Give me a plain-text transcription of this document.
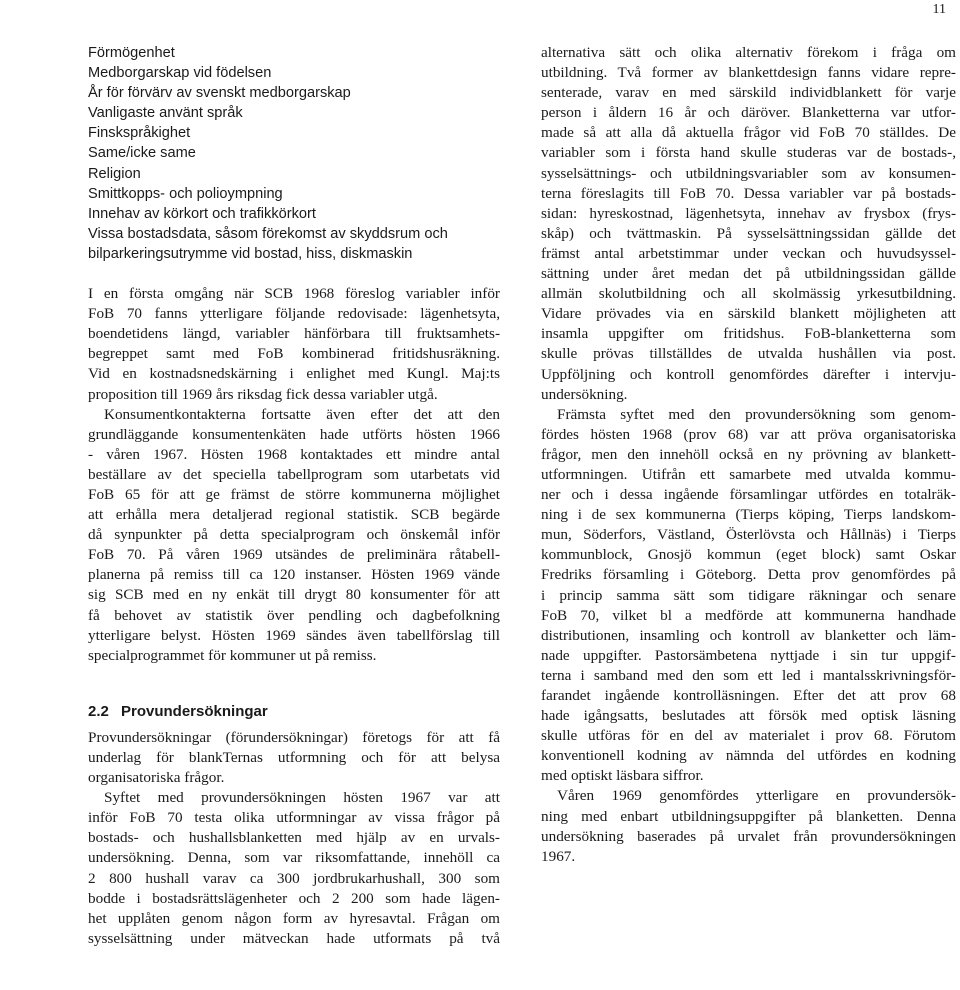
11
Förmögenhet
Medborgarskap vid födelsen
År för förvärv av svenskt medborgarskap
Vanligaste använt språk
Finskspråkighet
Same/icke same
Religion
Smittkopps- och polioympning
Innehav av körkort och trafikkörkort
Vissa bostadsdata, såsom förekomst av skyddsrum och
bilparkeringsutrymme vid bostad, hiss, diskmaskin
I en första omgång när SCB 1968 föreslog variabler inför
FoB 70 fanns ytterligare följande redovisade: lägenhetsyta,
boendetidens längd, variabler hänförbara till fruktsamhets-
begreppet samt med FoB kombinerad fritidshusräkning.
Vid en kostnadsnedskärning i enlighet med Kungl. Maj:ts
proposition till 1969 års riksdag fick dessa variabler utgå.
Konsumentkontakterna fortsatte även efter det att den
grundläggande konsumentenkäten hade utförts hösten 1966
- våren 1967. Hösten 1968 kontaktades ett mindre antal
beställare av det speciella tabellprogram som utarbetats vid
FoB 65 för att ge främst de större kommunerna möjlighet
att erhålla mera detaljerad regional statistik. SCB begärde
då synpunkter på detta specialprogram och önskemål inför
FoB 70. På våren 1969 utsändes de preliminära råtabell-
planerna på remiss till ca 120 instanser. Hösten 1969 vände
sig SCB med en ny enkät till drygt 80 konsumenter för att
få behovet av statistik över pendling och dagbefolkning
ytterligare belyst. Hösten 1969 sändes även tabellförslag till
specialprogrammet för kommuner ut på remiss.
2.2 Provundersökningar
Provundersökningar (förundersökningar) företogs för att få
underlag för blankTernas utformning och för att belysa
organisatoriska frågor.
Syftet med provundersökningen hösten 1967 var att
inför FoB 70 testa olika utformningar av vissa frågor på
bostads- och hushallsblanketten med hjälp av en urvals-
undersökning. Denna, som var riksomfattande, innehöll ca
2 800 hushall varav ca 300 jordbrukarhushall, 300 som
bodde i bostadsrättslägenheter och 2 200 som hade lägen-
het upplåten genom någon form av hyresavtal. Frågan om
sysselsättning under mätveckan hade utformats på två
alternativa sätt och olika alternativ förekom i fråga om
utbildning. Två former av blankettdesign fanns vidare repre-
senterade, varav en med särskild individblankett för varje
person i åldern 16 år och däröver. Blanketterna var utfor-
made så att alla då aktuella frågor vid FoB 70 ställdes. De
variabler som i första hand skulle studeras var de bostads-,
sysselsättnings- och utbildningsvariabler som av konsumen-
terna föreslagits till FoB 70. Dessa variabler var på bostads-
sidan: hyreskostnad, lägenhetsyta, innehav av frysbox (frys-
skåp) och tvättmaskin. På sysselsättningssidan gällde det
främst antal arbetstimmar under veckan och huvudsyssel-
sättning under året medan det på utbildningssidan gällde
allmän skolutbildning och all skolmässig yrkesutbildning.
Vidare prövades via en särskild blankett möjligheten att
insamla uppgifter om fritidshus. FoB-blanketterna som
skulle prövas tillställdes de utvalda hushållen via post.
Uppföljning och kontroll genomfördes därefter i intervju-
undersökning.
Främsta syftet med den provundersökning som genom-
fördes hösten 1968 (prov 68) var att pröva organisatoriska
frågor, men den innehöll också en ny prövning av blankett-
utformningen. Utifrån ett samarbete med utvalda kommu-
ner och i dessa ingående församlingar utfördes en totalräk-
ning i de sex kommunerna (Tierps köping, Tierps landskom-
mun, Söderfors, Västland, Österlövsta och Hållnäs) i Tierps
kommunblock, Gnosjö kommun (eget block) samt Oskar
Fredriks församling i Göteborg. Detta prov genomfördes på
i princip samma sätt som tidigare räkningar och senare
FoB 70, vilket bl a medförde att kommunerna handhade
distributionen, insamling och kontroll av blanketter och läm-
nade uppgifter. Pastorsämbetena nyttjade i sin tur uppgif-
terna i samband med den som ett led i mantalsskrivningsför-
farandet ingående kontrolläsningen. Efter det att prov 68
hade igångsatts, beslutades att försök med optisk läsning
skulle utföras för en del av materialet i prov 68. Förutom
konventionell kodning av nämnda del utfördes en kodning
med optiskt läsbara siffror.
Våren 1969 genomfördes ytterligare en provundersök-
ning med enbart utbildningsuppgifter på blanketten. Denna
undersökning baserades på urvalet från provundersökningen
1967.
